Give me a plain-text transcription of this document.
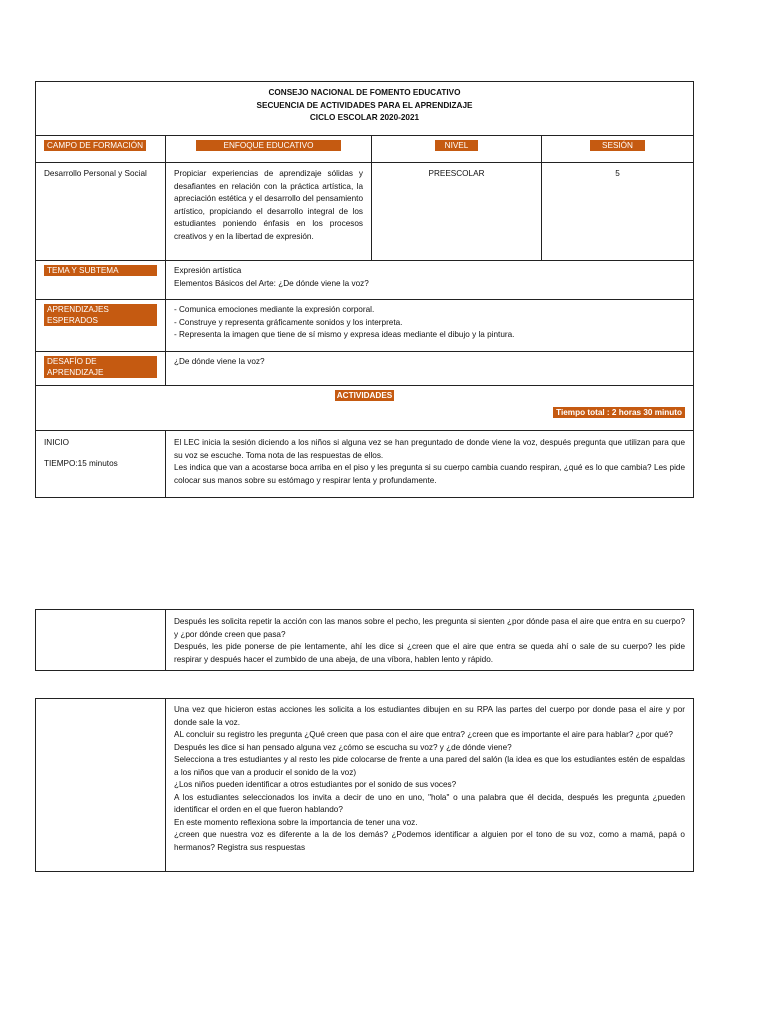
CONSEJO NACIONAL DE FOMENTO EDUCATIVO
SECUENCIA DE ACTIVIDADES PARA EL APRENDIZAJE
CICLO ESCOLAR 2020-2021			

CAMPO DE FORMACIÓN	ENFOQUE EDUCATIVO	NIVEL	SESIÓN
Desarrollo Personal y Social	Propiciar experiencias de aprendizaje sólidas y desafiantes en relación con la práctica artística, la apreciación estética y el desarrollo del pensamiento artístico, propiciando el desarrollo integral de los estudiantes poniendo énfasis en los procesos creativos y en la libertad de expresión.	PREESCOLAR	5

TEMA Y SUBTEMA	Expresión artística
Elementos Básicos del Arte: ¿De dónde viene la voz?		

APRENDIZAJES ESPERADOS	- Comunica emociones mediante la expresión corporal.
- Construye y representa gráficamente sonidos y los interpreta.
- Representa la imagen que tiene de sí mismo y expresa ideas mediante el dibujo y la pintura.		

DESAFÍO DE APRENDIZAJE	¿De dónde viene la voz?		

ACTIVIDADES
Tiempo total : 2 horas 30 minuto			

INICIO
TIEMPO:15 minutos	El LEC inicia la sesión diciendo a los niños si alguna vez se han preguntado de donde viene la voz, después pregunta que utilizan para que su voz se escuche. Toma nota de las respuestas de ellos.
Les indica que van a acostarse boca arriba en el piso y les pregunta si su cuerpo cambia cuando respiran, ¿qué es lo que cambia? Les pide colocar sus manos sobre su estómago y respirar lenta y profundamente.		

Después les solicita repetir la acción con las manos sobre el pecho, les pregunta si sienten ¿por dónde pasa el aire que entra en su cuerpo? y ¿por dónde creen que pasa?
Después, les pide ponerse de pie lentamente, ahí les dice si ¿creen que el aire que entra se queda ahí o sale de su cuerpo? les pide respirar y después hacer el zumbido de una abeja, de una víbora, hablen lento y rápido.

Una vez que hicieron estas acciones les solicita a los estudiantes dibujen en su RPA las partes del cuerpo por donde pasa el aire y por donde sale la voz.
AL concluir su registro les pregunta ¿Qué creen que pasa con el aire que entra? ¿creen que es importante el aire para hablar? ¿por qué?
Después les dice si han pensado alguna vez ¿cómo se escucha su voz? y ¿de dónde viene?
Selecciona a tres estudiantes y al resto les pide colocarse de frente a una pared del salón (la idea es que los estudiantes estén de espaldas a los niños que van a producir el sonido de la voz)
¿Los niños pueden identificar a otros estudiantes por el sonido de sus voces?
A los estudiantes seleccionados los invita a decir de uno en uno, "hola" o una palabra que él decida, después les pregunta ¿pueden identificar el orden en el que fueron hablando?
En este momento reflexiona sobre la importancia de tener una voz.
¿creen que nuestra voz es diferente a la de los demás? ¿Podemos identificar a alguien por el tono de su voz, como a mamá, papá o hermanos? Registra sus respuestas
